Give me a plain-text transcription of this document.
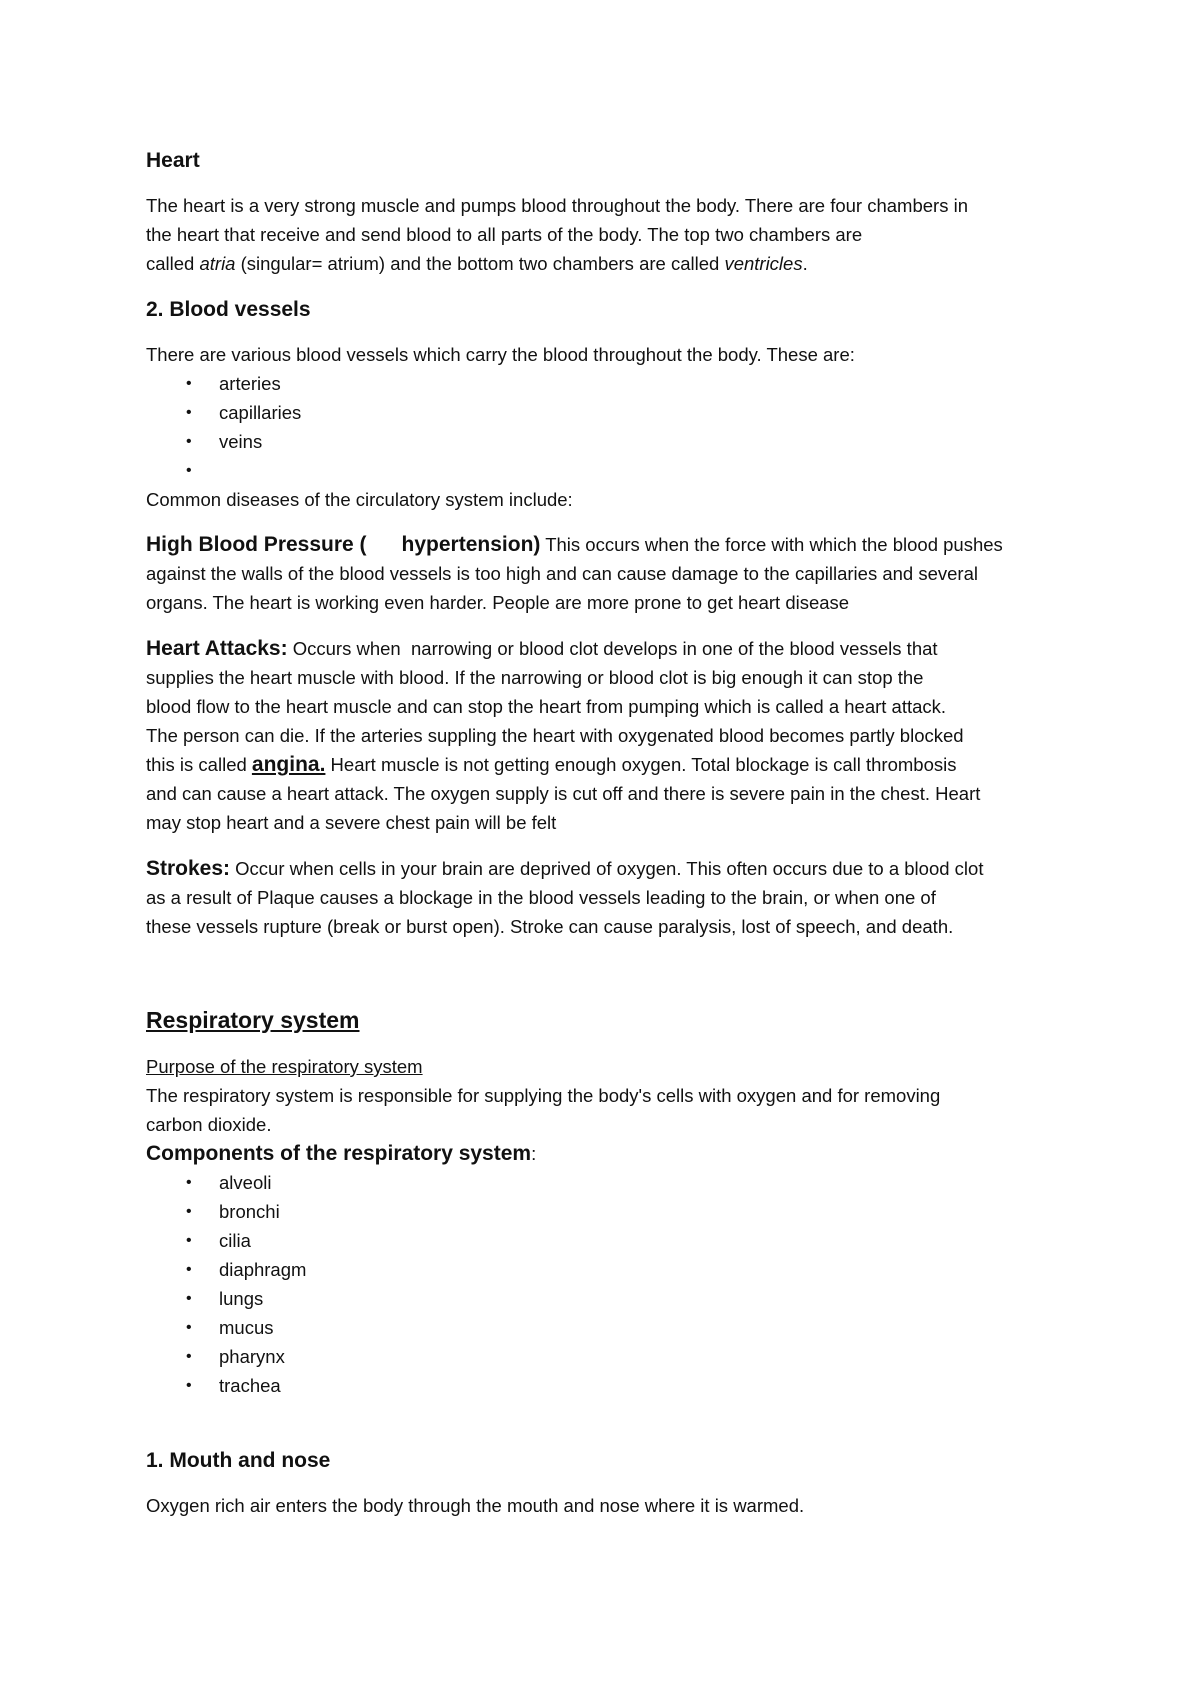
Heart
The heart is a very strong muscle and pumps blood throughout the body. There are four chambers in
the heart that receive and send blood to all parts of the body. The top two chambers are
called atria (singular= atrium) and the bottom two chambers are called ventricles.
2. Blood vessels
There are various blood vessels which carry the blood throughout the body. These are:
• arteries
• capillaries
• veins
•
Common diseases of the circulatory system include:
High Blood Pressure (      hypertension) This occurs when the force with which the blood pushes
against the walls of the blood vessels is too high and can cause damage to the capillaries and several
organs. The heart is working even harder. People are more prone to get heart disease
Heart Attacks: Occurs when  narrowing or blood clot develops in one of the blood vessels that
supplies the heart muscle with blood. If the narrowing or blood clot is big enough it can stop the
blood flow to the heart muscle and can stop the heart from pumping which is called a heart attack.
The person can die. If the arteries suppling the heart with oxygenated blood becomes partly blocked
this is called angina. Heart muscle is not getting enough oxygen. Total blockage is call thrombosis
and can cause a heart attack. The oxygen supply is cut off and there is severe pain in the chest. Heart
may stop heart and a severe chest pain will be felt
Strokes: Occur when cells in your brain are deprived of oxygen. This often occurs due to a blood clot
as a result of Plaque causes a blockage in the blood vessels leading to the brain, or when one of
these vessels rupture (break or burst open). Stroke can cause paralysis, lost of speech, and death.
Respiratory system
Purpose of the respiratory system
The respiratory system is responsible for supplying the body's cells with oxygen and for removing
carbon dioxide.
Components of the respiratory system:
• alveoli
• bronchi
• cilia
• diaphragm
• lungs
• mucus
• pharynx
• trachea
1. Mouth and nose
Oxygen rich air enters the body through the mouth and nose where it is warmed.
